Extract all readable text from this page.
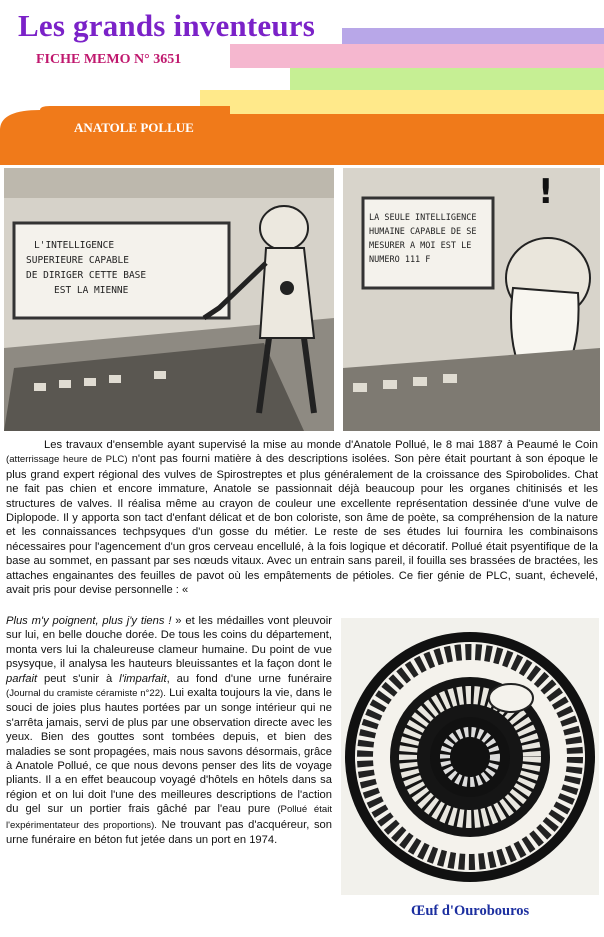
Les grands inventeurs
FICHE MEMO N° 3651
ANATOLE POLLUE
L'INTELLIGENCE
SUPERIEURE CAPABLE
DE DIRIGER CETTE BASE
EST LA MIENNE
LA SEULE INTELLIGENCE
HUMAINE CAPABLE DE SE
MESURER A MOI EST LE
NUMERO 111 F
!

Les travaux d'ensemble ayant supervisé la mise au monde d'Anatole Pollué, le 8 mai 1887 à Peaumé le Coin (atterrissage heure de PLC) n'ont pas fourni matière à des descriptions isolées. Son père était pourtant à son époque le plus grand expert régional des vulves de Spirostreptes et plus généralement de la croissance des Spirobolides. Chat ne fait pas chien et encore immature, Anatole se passionnait déjà beaucoup pour les organes chitinisés et les structures de valves. Il réalisa même au crayon de couleur une excellente représentation dessinée d'une vulve de Diplopode. Il y apporta son tact d'enfant délicat et de bon coloriste, son âme de poète, sa compréhension de la nature et les connaissances techpsyques d'un gosse du métier. Le reste de ses études lui fournira les combinaisons nécessaires pour l'agencement d'un gros cerveau encellulé, à la fois logique et décoratif. Pollué était psyentifique de la base au sommet, en passant par ses nœuds vitaux. Avec un entrain sans pareil, il fouilla ses brassées de bractées, les attaches engainantes des feuilles de pavot où les empâtements de pétioles. Ce fier génie de PLC, suant, échevelé, avait pris pour devise personnelle : «

Plus m'y poignent, plus j'y tiens ! » et les médailles vont pleuvoir sur lui, en belle douche dorée. De tous les coins du département, monta vers lui la chaleureuse clameur humaine. Du point de vue psysyque, il analysa les hauteurs bleuissantes et la façon dont le parfait peut s'unir à l'imparfait, au fond d'une urne funéraire (Journal du cramiste céramiste n°22). Lui exalta toujours la vie, dans le souci de joies plus hautes portées par un songe intérieur qui ne s'arrêta jamais, servi de plus par une observation directe avec les yeux. Bien des gouttes sont tombées depuis, et bien des maladies se sont propagées, mais nous savons désormais, grâce à Anatole Pollué, ce que nous devons penser des lits de voyage pliants. Il a en effet beaucoup voyagé d'hôtels en hôtels dans sa région et on lui doit l'une des meilleures descriptions de l'action du gel sur un portier frais gâché par l'eau pure (Pollué était l'expérimentateur des proportions). Ne trouvant pas d'acquéreur, son urne funéraire en béton fut jetée dans un port en 1974.
Œuf d'Ourobouros
